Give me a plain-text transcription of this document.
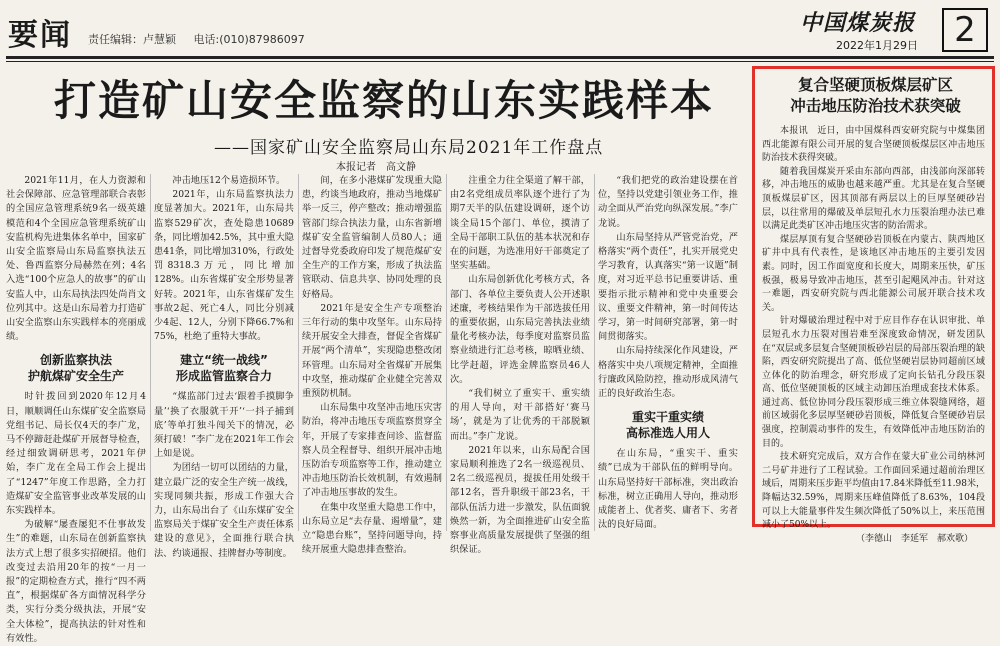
要闻 责任编辑：卢慧颖 电话:(010)87986097
中国煤炭报
2022年1月29日	2
打造矿山安全监察的山东实践样本
——国家矿山安全监察局山东局2021年工作盘点
本报记者　高文静

2021年11月，在人力资源和社会保障部、应急管理部联合表彰的全国应急管理系统9名一级英雄模范和4个全国应急管理系统矿山安监机构先进集体名单中，国家矿山安全监察局山东局监察执法五处、鲁西监察分局赫然在列；4名入选“100个应急人的故事”的矿山安监人中，山东局执法四处尚肖文位列其中。这是山东局着力打造矿山安全监察山东实践样本的亮丽成绩。

创新监察执法
护航煤矿安全生产

时针拨回到2020年12月4日，顺顺调任山东煤矿安全监察局党组书记、局长仅4天的李广龙，马不停蹄赶赴煤矿开展督导检查，经过细致调研思考，2021年伊始，李广龙在全局工作会上提出了“1247”年度工作思路，全力打造煤矿安全监管事业改革发展的山东实践样本。

为破解“屡查屡犯不仕事故发生”的难题，山东局在创新监察执法方式上想了很多实招硬招。他们改变过去沿用20年的按“一月一报”的定期检查方式，推行“四不两直”，根据煤矿各方面情况科学分类，实行分类分级执法，开展“安全大体检”，提高执法的针对性和有效性。

冲击地压12个易造损环节。

2021年，山东局监察执法力度显著加大。2021年，山东局共监察529矿次，查处隐患10689条，同比增加42.5%，其中重大隐患41条，同比增加310%，行政处罚8318.3万元，同比增加128%。山东省煤矿安全形势显著好转。2021年，山东省煤矿发生事故2起、死亡4人，同比分别减少4起、12人，分别下降66.7%和75%，杜绝了重特大事故。

建立“统一战线”
形成监管监察合力

“煤监部门过去‘跟着手摸脚争量’‘换了衣服就干开’‘一抖子捕到底’等单打独斗闯关下的情况，必须打破！”李广龙在2021年工作会上如是说。

为团结一切可以团结的力量，建立最广泛的安全生产统一战线，实现同频共振，形成工作强大合力，山东局出台了《山东煤矿安全监察局关于煤矿安全生产责任体系建设的意见》，全面推行联合执法、约谈通报、挂牌督办等制度。

间，在多小港煤矿发现重大隐患，约谈当地政府，推动当地煤矿举一反三，停产整改；推动增强监管部门综合执法力量，山东省新增煤矿安全监管编制人员80人；通过督导党委政府印发了规范煤矿安全生产的工作方案，形成了执法监管联动、信息共享、协同处理的良好格局。

2021年是安全生产专项整治三年行动的集中攻坚年。山东局持续开展安全大排查，督促全省煤矿开展“两个清单”，实现隐患整改闭环管理。山东局对全省煤矿开展集中攻坚，推动煤矿企业健全完善双重预防机制。

山东局集中攻坚冲击地压灾害防治，将冲击地压专项监察贯穿全年，开展了专家排查问诊、监督监察人员全程督导、组织开展冲击地压防治专项监察等工作，推动建立冲击地压防治长效机制，有效遏制了冲击地压事故的发生。

在集中攻坚重大隐患工作中，山东局立足“去存量、遏增量”，建立“隐患台账”，坚持问题导向，持续开展重大隐患排查整治。

注重全力往全渠道了解干部，由2名党组成员率队逐个进行了为期7天半的队伍建设调研，逐个访谈全局15个部门、单位，摸清了全局干部职工队伍的基本状况和存在的问题，为选准用好干部奠定了坚实基础。

山东局创新优化考核方式，各部门、各单位主要负责人公开述职述廉，考核结果作为干部选拔任用的重要依据，山东局完善执法业绩量化考核办法，每季度对监察员监察业绩进行汇总考核，晾晒业绩、比学赶超，评选金牌监察员46人次。

“我们树立了重实干、重实绩的用人导向，对干部搭好‘赛马场’，就是为了让优秀的干部脱颖而出。”李广龙说。

2021年以来，山东局配合国家局顺利推选了2名一级巡视员、2名二级巡视员，提拔任用处级干部12名，晋升职级干部23名，干部队伍活力进一步激发，队伍面貌焕然一新，为全面推进矿山安全监察事业高质量发展提供了坚强的组织保证。

“我们把党的政治建设摆在首位，坚持以党建引领业务工作，推动全面从严治党向纵深发展。”李广龙说。

山东局坚持从严管党治党，严格落实“两个责任”，扎实开展党史学习教育，认真落实“第一议题”制度，对习近平总书记重要讲话、重要指示批示精神和党中央重要会议、重要文件精神，第一时间传达学习，第一时间研究部署，第一时间贯彻落实。

山东局持续深化作风建设，严格落实中央八项规定精神，全面推行廉政风险防控，推动形成风清气正的良好政治生态。

重实干重实绩
高标准选人用人

在山东局，“重实干、重实绩”已成为干部队伍的鲜明导向。山东局坚持好干部标准，突出政治标准，树立正确用人导向，推动形成能者上、优者奖、庸者下、劣者汰的良好局面。

复合坚硬顶板煤层矿区
冲击地压防治技术获突破

本报讯　近日，由中国煤科西安研究院与中煤集团西北能源有限公司开展的复合坚硬顶板煤层区冲击地压防治技术获得突破。

随着我国煤炭开采由东部向西部，由浅部向深部转移，冲击地压的威胁也越来越严重。尤其是在复合坚硬顶板煤层矿区，因其顶部有两层以上的巨厚坚硬砂岩层，以往常用的爆破及单层短孔水力压裂治理办法已难以满足此类矿区冲击地压灾害的防治需求。

煤层厚顶有复合坚硬砂岩顶板在内蒙古、陕西地区矿井中具有代表性，是该地区冲击地压的主要引发因素。同时，因工作面宽度和长度大，周期来压快，矿压板强，极易导致冲击地压，甚至引起飓风冲击。针对这一难题，西安研究院与西北能源公司展开联合技术攻关。

针对爆破治理过程中对于应目作存在认识审批、单层短孔水力压裂对围岩难至深度致命情况，研发团队在“双层或多层复合坚硬顶板砂岩层的局部压裂治理的缺陷，西安研究院提出了高、低位坚硬岩层协同超前区域立体化的防治理念，研究形成了定向长钻孔分段压裂高、低位坚硬顶板的区域主动卸压治理成套技术体系。通过高、低位协同分段压裂形成三维立体裂缝网络，超前区域弱化多层厚坚硬砂岩顶板，降低复合坚硬砂岩层强度，控制震动事件的发生，有效降低冲击地压防治的目的。

技术研究完成后，双方合作在蒙大矿业公司纳林河二号矿井进行了工程试验。工作面回采通过超前治理区域后，周期来压步距平均值由17.84米降低至11.98米，降幅达32.59%，周期来压峰值降低了8.63%，104段可以上大能量事件发生频次降低了50%以上，来压范围减小了50%以上。

（李德山　李延军　郝欢歌）
